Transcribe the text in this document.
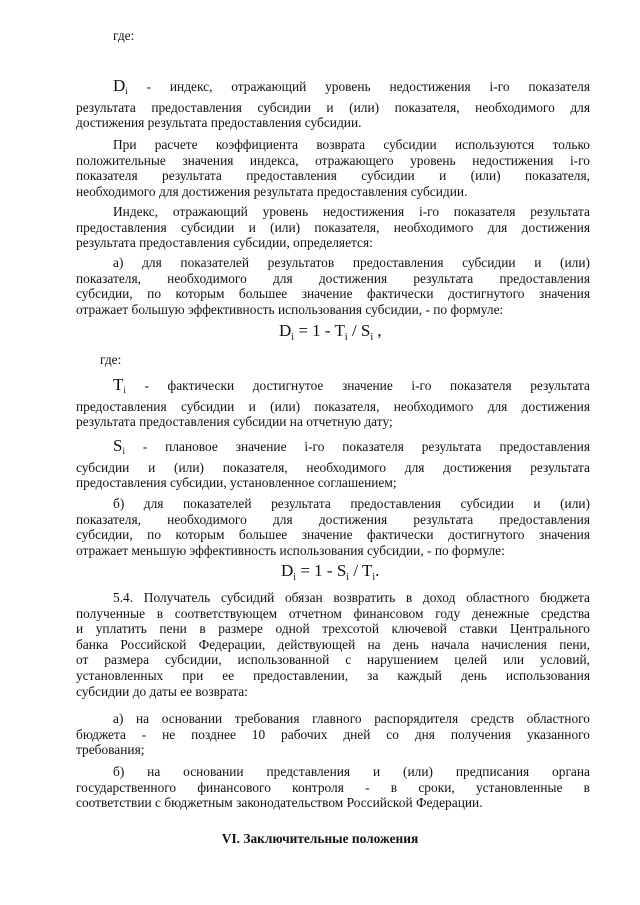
где:

$D_i$ - индекс, отражающий уровень недостижения i-го показателя
результата предоставления субсидии и (или) показателя, необходимого для
достижения результата предоставления субсидии.
При расчете коэффициента возврата субсидии используются только
положительные значения индекса, отражающего уровень недостижения i-го
показателя результата предоставления субсидии и (или) показателя,
необходимого для достижения результата предоставления субсидии.
Индекс, отражающий уровень недостижения i-го показателя результата
предоставления субсидии и (или) показателя, необходимого для достижения
результата предоставления субсидии, определяется:
а) для показателей результатов предоставления субсидии и (или)
показателя, необходимого для достижения результата предоставления
субсидии, по которым большее значение фактически достигнутого значения
отражает большую эффективность использования субсидии, - по формуле:
$D_i = 1 - T_i / S_i$ ,

где:

$T_i$ - фактически достигнутое значение i-го показателя результата
предоставления субсидии и (или) показателя, необходимого для достижения
результата предоставления субсидии на отчетную дату;
$S_i$ - плановое значение i-го показателя результата предоставления
субсидии и (или) показателя, необходимого для достижения результата
предоставления субсидии, установленное соглашением;
б) для показателей результата предоставления субсидии и (или)
показателя, необходимого для достижения результата предоставления
субсидии, по которым большее значение фактически достигнутого значения
отражает меньшую эффективность использования субсидии, - по формуле:
$D_i = 1 - S_i / T_i$.
5.4. Получатель субсидий обязан возвратить в доход областного бюджета
полученные в соответствующем отчетном финансовом году денежные средства
и уплатить пени в размере одной трехсотой ключевой ставки Центрального
банка Российской Федерации, действующей на день начала начисления пени,
от размера субсидии, использованной с нарушением целей или условий,
установленных при ее предоставлении, за каждый день использования
субсидии до даты ее возврата:
а) на основании требования главного распорядителя средств областного
бюджета - не позднее 10 рабочих дней со дня получения указанного
требования;
б) на основании представления и (или) предписания органа
государственного финансового контроля - в сроки, установленные в
соответствии с бюджетным законодательством Российской Федерации.

VI. Заключительные положения
